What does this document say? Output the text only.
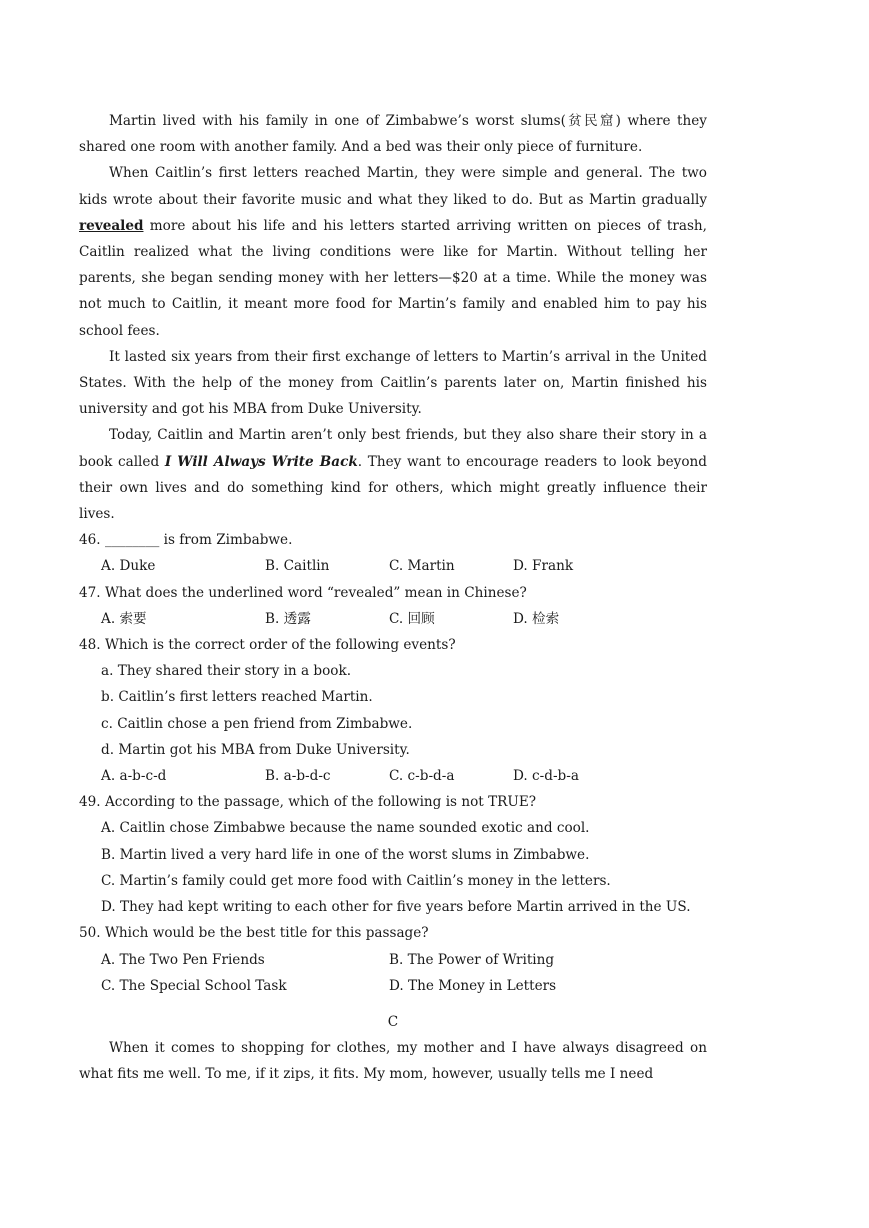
Martin lived with his family in one of Zimbabwe’s worst slums(贫民窟) where they shared one room with another family. And a bed was their only piece of furniture.

When Caitlin’s first letters reached Martin, they were simple and general. The two kids wrote about their favorite music and what they liked to do. But as Martin gradually revealed more about his life and his letters started arriving written on pieces of trash, Caitlin realized what the living conditions were like for Martin. Without telling her parents, she began sending money with her letters—$20 at a time. While the money was not much to Caitlin, it meant more food for Martin’s family and enabled him to pay his school fees.

It lasted six years from their first exchange of letters to Martin’s arrival in the United States. With the help of the money from Caitlin’s parents later on, Martin finished his university and got his MBA from Duke University.

Today, Caitlin and Martin aren’t only best friends, but they also share their story in a book called I Will Always Write Back. They want to encourage readers to look beyond their own lives and do something kind for others, which might greatly influence their lives.

46. ________ is from Zimbabwe.
A. Duke	B. Caitlin	C. Martin	D. Frank
47. What does the underlined word “revealed” mean in Chinese?
A. 索要	B. 透露	C. 回顾	D. 检索
48. Which is the correct order of the following events?
a. They shared their story in a book.
b. Caitlin’s first letters reached Martin.
c. Caitlin chose a pen friend from Zimbabwe.
d. Martin got his MBA from Duke University.
A. a-b-c-d	B. a-b-d-c	C. c-b-d-a	D. c-d-b-a
49. According to the passage, which of the following is not TRUE?
A. Caitlin chose Zimbabwe because the name sounded exotic and cool.
B. Martin lived a very hard life in one of the worst slums in Zimbabwe.
C. Martin’s family could get more food with Caitlin’s money in the letters.

D. They had kept writing to each other for five years before Martin arrived in the US.

50. Which would be the best title for this passage?
A. The Two Pen Friends	B. The Power of Writing
C. The Special School Task	D. The Money in Letters
C

When it comes to shopping for clothes, my mother and I have always disagreed on what fits me well. To me, if it zips, it fits. My mom, however, usually tells me I need
